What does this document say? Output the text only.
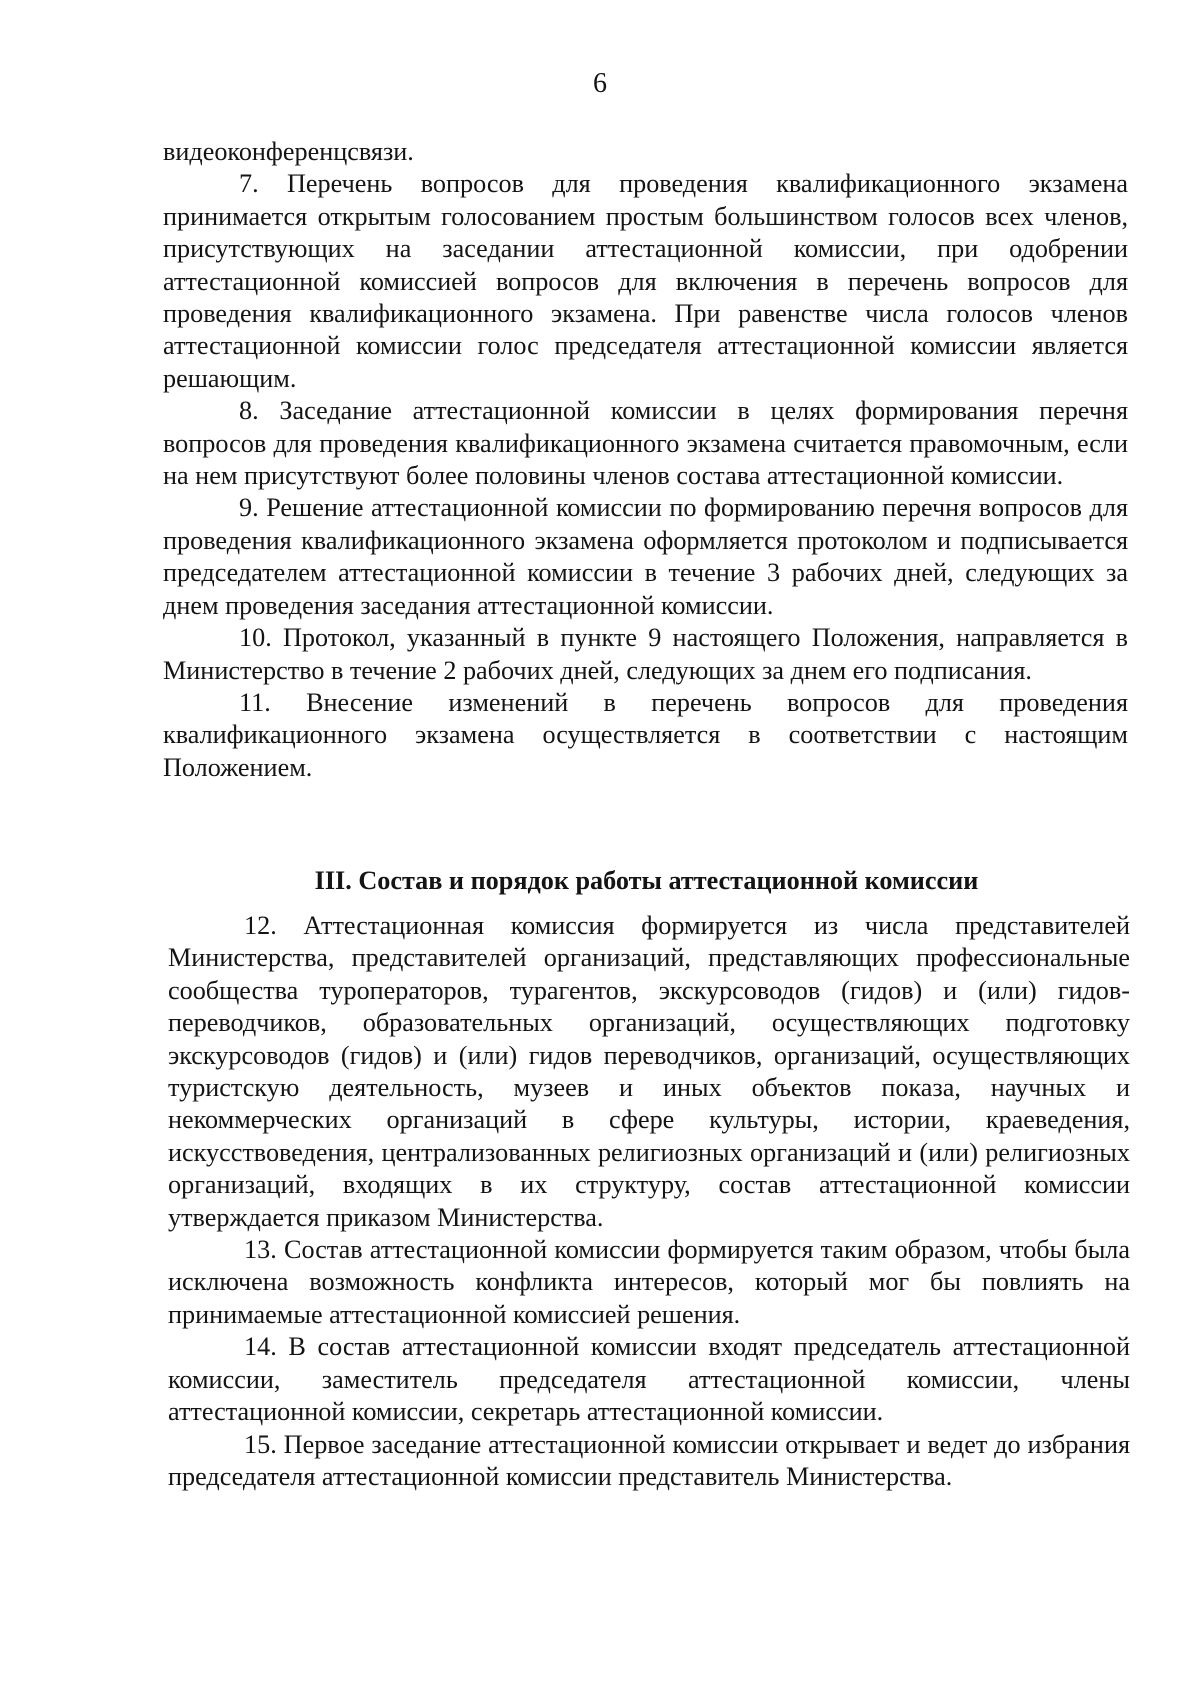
6

видеоконференцсвязи.

7. Перечень вопросов для проведения квалификационного экзамена принимается открытым голосованием простым большинством голосов всех членов, присутствующих на заседании аттестационной комиссии, при одобрении аттестационной комиссией вопросов для включения в перечень вопросов для проведения квалификационного экзамена. При равенстве числа голосов членов аттестационной комиссии голос председателя аттестационной комиссии является решающим.

8. Заседание аттестационной комиссии в целях формирования перечня вопросов для проведения квалификационного экзамена считается правомочным, если на нем присутствуют более половины членов состава аттестационной комиссии.

9. Решение аттестационной комиссии по формированию перечня вопросов для проведения квалификационного экзамена оформляется протоколом и подписывается председателем аттестационной комиссии в течение 3 рабочих дней, следующих за днем проведения заседания аттестационной комиссии.

10. Протокол, указанный в пункте 9 настоящего Положения, направляется в Министерство в течение 2 рабочих дней, следующих за днем его подписания.

11. Внесение изменений в перечень вопросов для проведения квалификационного экзамена осуществляется в соответствии с настоящим Положением.

III. Состав и порядок работы аттестационной комиссии

12. Аттестационная комиссия формируется из числа представителей Министерства, представителей организаций, представляющих профессиональные сообщества туроператоров, турагентов, экскурсоводов (гидов) и (или) гидов-переводчиков, образовательных организаций, осуществляющих подготовку экскурсоводов (гидов) и (или) гидов переводчиков, организаций, осуществляющих туристскую деятельность, музеев и иных объектов показа, научных и некоммерческих организаций в сфере культуры, истории, краеведения, искусствоведения, централизованных религиозных организаций и (или) религиозных организаций, входящих в их структуру, состав аттестационной комиссии утверждается приказом Министерства.

13. Состав аттестационной комиссии формируется таким образом, чтобы была исключена возможность конфликта интересов, который мог бы повлиять на принимаемые аттестационной комиссией решения.

14. В состав аттестационной комиссии входят председатель аттестационной комиссии, заместитель председателя аттестационной комиссии, члены аттестационной комиссии, секретарь аттестационной комиссии.

15. Первое заседание аттестационной комиссии открывает и ведет до избрания председателя аттестационной комиссии представитель Министерства.
